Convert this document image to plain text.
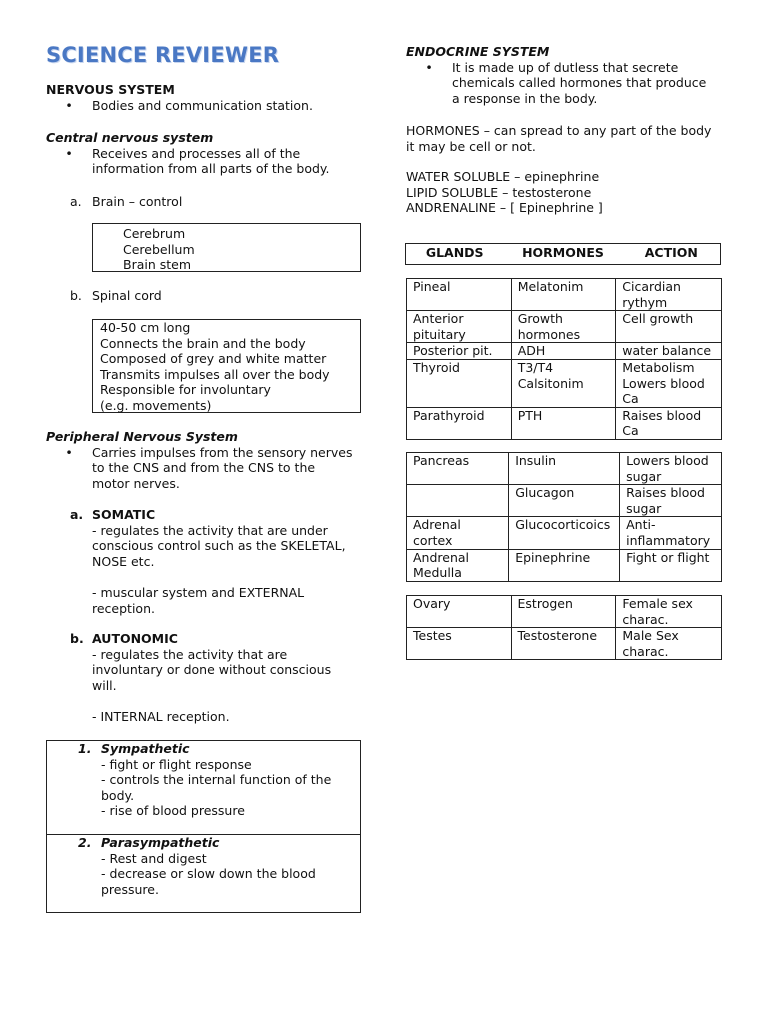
SCIENCE REVIEWER
NERVOUS SYSTEM
•	Bodies and communication station.
Central nervous system
•	Receives and processes all of the
information from all parts of the body.
a. Brain – control
Cerebrum
Cerebellum
Brain stem
b. Spinal cord
40-50 cm long
Connects the brain and the body
Composed of grey and white matter
Transmits impulses all over the body
Responsible for involuntary
(e.g. movements)
Peripheral Nervous System
•	Carries impulses from the sensory nerves
to the CNS and from the CNS to the
motor nerves.
a. SOMATIC
- regulates the activity that are under
conscious control such as the SKELETAL,
NOSE etc.
- muscular system and EXTERNAL
reception.
b. AUTONOMIC
- regulates the activity that are
involuntary or done without conscious
will.
- INTERNAL reception.
1. Sympathetic
- fight or flight response
- controls the internal function of the
body.
- rise of blood pressure
2. Parasympathetic
- Rest and digest
- decrease or slow down the blood
pressure.
ENDOCRINE SYSTEM
•	It is made up of dutless that secrete
chemicals called hormones that produce
a response in the body.
HORMONES – can spread to any part of the body
it may be cell or not.
WATER SOLUBLE – epinephrine
LIPID SOLUBLE – testosterone
ANDRENALINE – [ Epinephrine ]
GLANDS	HORMONES	ACTION
Pineal	Melatonim	Cicardian rythym
Anterior pituitary	Growth hormones	Cell growth
Posterior pit.	ADH	water balance
Thyroid	T3/T4 Calsitonim	Metabolism Lowers blood Ca
Parathyroid	PTH	Raises blood Ca
Pancreas	Insulin	Lowers blood sugar
	Glucagon	Raises blood sugar
Adrenal cortex	Glucocorticoics	Anti-inflammatory
Andrenal Medulla	Epinephrine	Fight or flight
Ovary	Estrogen	Female sex charac.
Testes	Testosterone	Male Sex charac.
